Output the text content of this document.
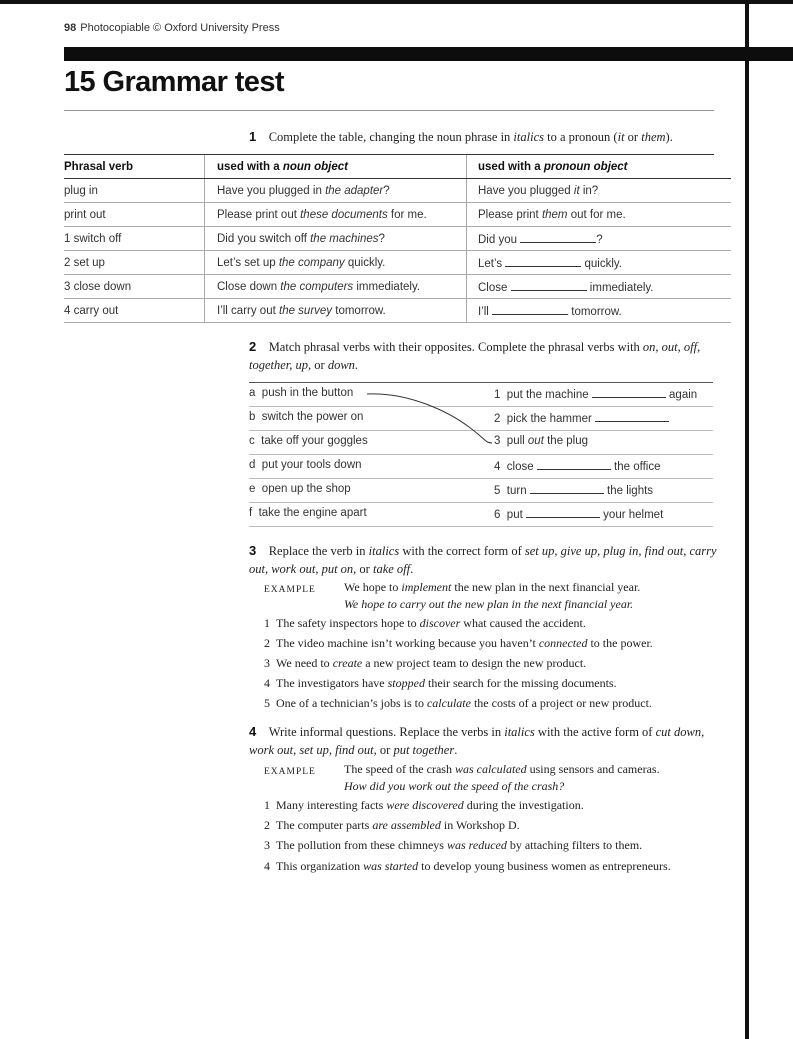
98 Photocopiable © Oxford University Press
15 Grammar test
1 Complete the table, changing the noun phrase in italics to a pronoun (it or them).
Phrasal verb	used with a noun object	used with a pronoun object
plug in	Have you plugged in the adapter?	Have you plugged it in?
print out	Please print out these documents for me.	Please print them out for me.
1 switch off	Did you switch off the machines?	Did you ?
2 set up	Let’s set up the company quickly.	Let’s quickly.
3 close down	Close down the computers immediately.	Close immediately.
4 carry out	I’ll carry out the survey tomorrow.	I’ll tomorrow.
2 Match phrasal verbs with their opposites. Complete the phrasal verbs with on, out, off, together, up, or down.
a push in the button	1 put the machine	again
b switch the power on	2 pick the hammer
c take off your goggles	3 pull out the plug
d put your tools down	4 close	the office
e open up the shop	5 turn	the lights
f take the engine apart	6 put	your helmet
3 Replace the verb in italics with the correct form of set up, give up, plug in, find out, carry out, work out, put on, or take off.
EXAMPLE We hope to implement the new plan in the next financial year.
We hope to carry out the new plan in the next financial year.
1 The safety inspectors hope to discover what caused the accident.
2 The video machine isn’t working because you haven’t connected to the power.
3 We need to create a new project team to design the new product.
4 The investigators have stopped their search for the missing documents.
5 One of a technician’s jobs is to calculate the costs of a project or new product.
4 Write informal questions. Replace the verbs in italics with the active form of cut down, work out, set up, find out, or put together.
EXAMPLE The speed of the crash was calculated using sensors and cameras.
How did you work out the speed of the crash?
1 Many interesting facts were discovered during the investigation.
2 The computer parts are assembled in Workshop D.
3 The pollution from these chimneys was reduced by attaching filters to them.
4 This organization was started to develop young business women as entrepreneurs.
